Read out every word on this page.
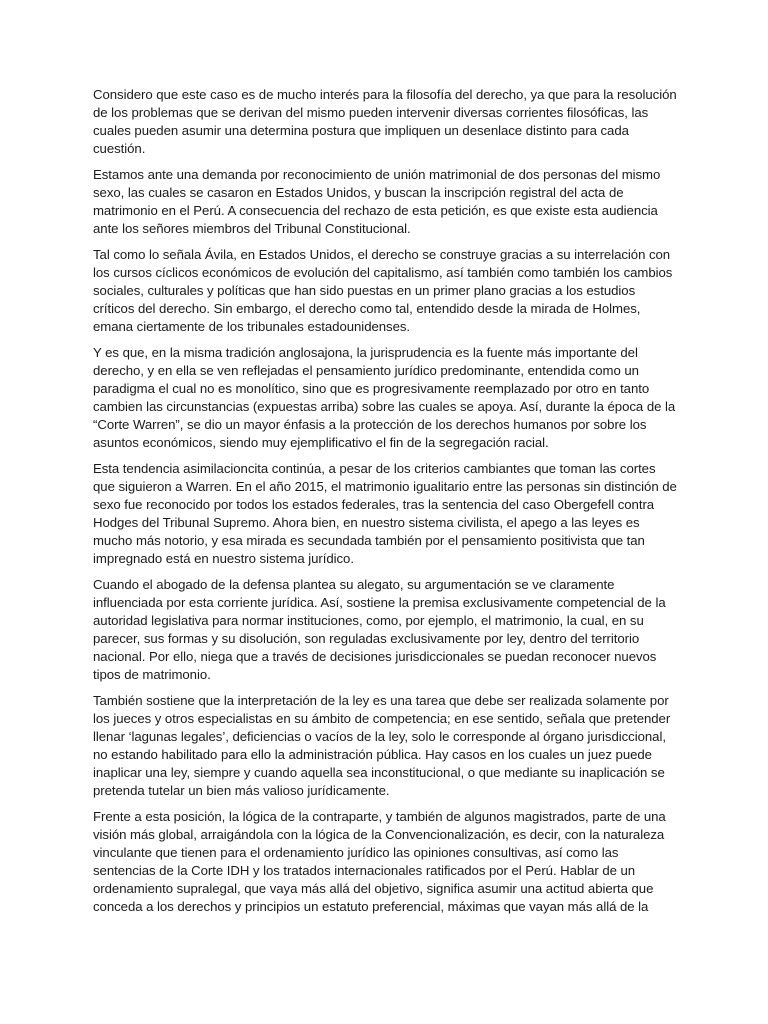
Considero que este caso es de mucho interés para la filosofía del derecho, ya que para la resolución de los problemas que se derivan del mismo pueden intervenir diversas corrientes filosóficas, las cuales pueden asumir una determina postura que impliquen un desenlace distinto para cada cuestión.

Estamos ante una demanda por reconocimiento de unión matrimonial de dos personas del mismo sexo, las cuales se casaron en Estados Unidos, y buscan la inscripción registral del acta de matrimonio en el Perú. A consecuencia del rechazo de esta petición, es que existe esta audiencia ante los señores miembros del Tribunal Constitucional.

Tal como lo señala Ávila, en Estados Unidos, el derecho se construye gracias a su interrelación con los cursos cíclicos económicos de evolución del capitalismo, así también como también los cambios sociales, culturales y políticas que han sido puestas en un primer plano gracias a los estudios críticos del derecho. Sin embargo, el derecho como tal, entendido desde la mirada de Holmes, emana ciertamente de los tribunales estadounidenses.

Y es que, en la misma tradición anglosajona, la jurisprudencia es la fuente más importante del derecho, y en ella se ven reflejadas el pensamiento jurídico predominante, entendida como un paradigma el cual no es monolítico, sino que es progresivamente reemplazado por otro en tanto cambien las circunstancias (expuestas arriba) sobre las cuales se apoya. Así, durante la época de la “Corte Warren”, se dio un mayor énfasis a la protección de los derechos humanos por sobre los asuntos económicos, siendo muy ejemplificativo el fin de la segregación racial.

Esta tendencia asimilacioncita continúa, a pesar de los criterios cambiantes que toman las cortes que siguieron a Warren. En el año 2015, el matrimonio igualitario entre las personas sin distinción de sexo fue reconocido por todos los estados federales, tras la sentencia del caso Obergefell contra Hodges del Tribunal Supremo. Ahora bien, en nuestro sistema civilista, el apego a las leyes es mucho más notorio, y esa mirada es secundada también por el pensamiento positivista que tan impregnado está en nuestro sistema jurídico.

Cuando el abogado de la defensa plantea su alegato, su argumentación se ve claramente influenciada por esta corriente jurídica. Así, sostiene la premisa exclusivamente competencial de la autoridad legislativa para normar instituciones, como, por ejemplo, el matrimonio, la cual, en su parecer, sus formas y su disolución, son reguladas exclusivamente por ley, dentro del territorio nacional. Por ello, niega que a través de decisiones jurisdiccionales se puedan reconocer nuevos tipos de matrimonio.

También sostiene que la interpretación de la ley es una tarea que debe ser realizada solamente por los jueces y otros especialistas en su ámbito de competencia; en ese sentido, señala que pretender llenar ‘lagunas legales’, deficiencias o vacíos de la ley, solo le corresponde al órgano jurisdiccional, no estando habilitado para ello la administración pública. Hay casos en los cuales un juez puede inaplicar una ley, siempre y cuando aquella sea inconstitucional, o que mediante su inaplicación se pretenda tutelar un bien más valioso jurídicamente.

Frente a esta posición, la lógica de la contraparte, y también de algunos magistrados, parte de una visión más global, arraigándola con la lógica de la Convencionalización, es decir, con la naturaleza vinculante que tienen para el ordenamiento jurídico las opiniones consultivas, así como las sentencias de la Corte IDH y los tratados internacionales ratificados por el Perú. Hablar de un ordenamiento supralegal, que vaya más allá del objetivo, significa asumir una actitud abierta que conceda a los derechos y principios un estatuto preferencial, máximas que vayan más allá de la
